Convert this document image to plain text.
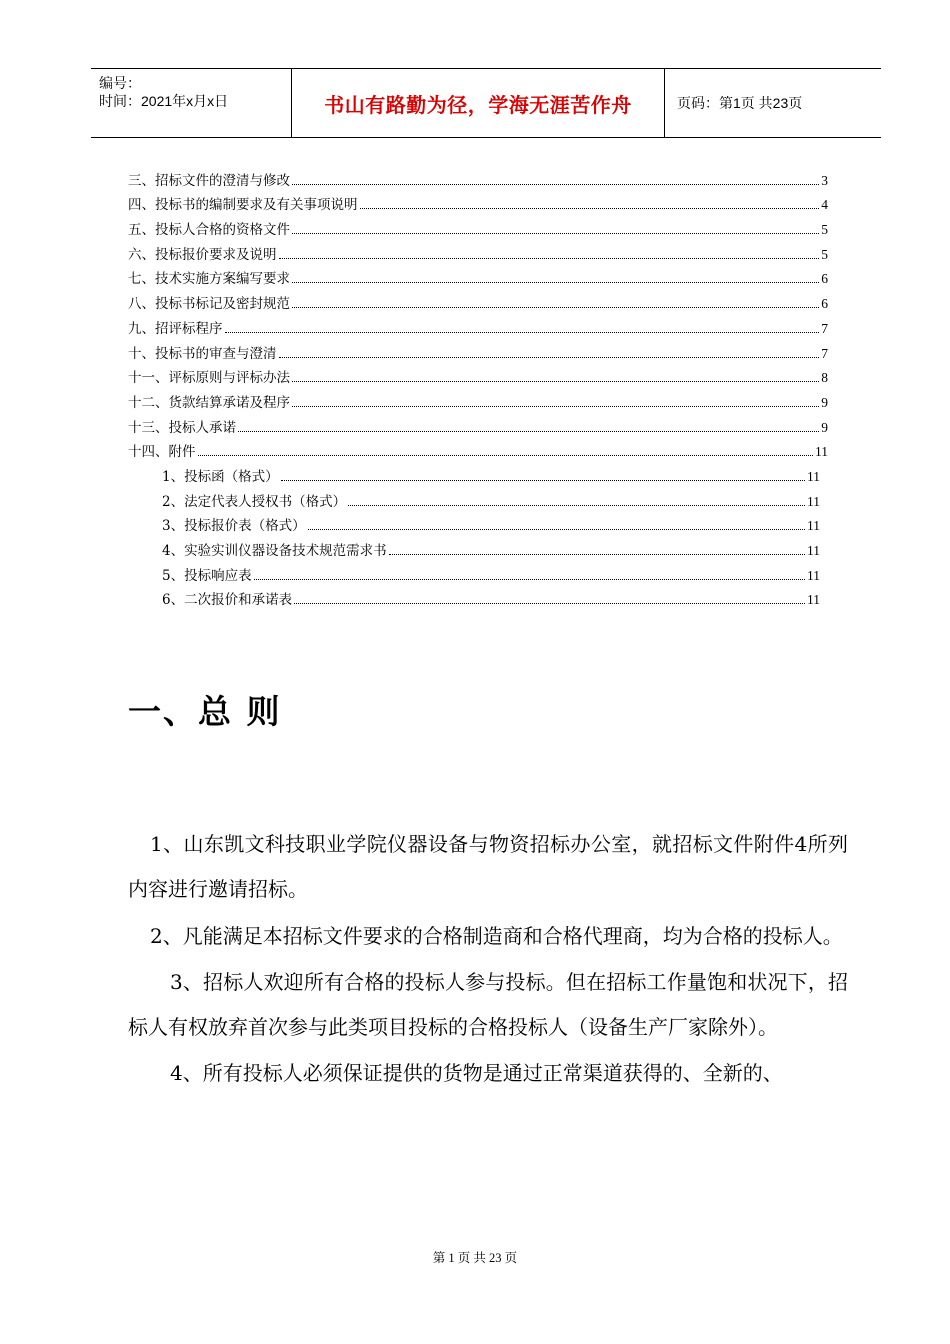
编号：
时间：2021年x月x日	书山有路勤为径，学海无涯苦作舟	页码：第1页 共23页
三、招标文件的澄清与修改	3
四、投标书的编制要求及有关事项说明	4
五、投标人合格的资格文件	5
六、投标报价要求及说明	5
七、技术实施方案编写要求	6
八、投标书标记及密封规范	6
九、招评标程序	7
十、投标书的审查与澄清	7
十一、评标原则与评标办法	8
十二、货款结算承诺及程序	9
十三、投标人承诺	9
十四、附件	11
1、投标函（格式）	11
2、法定代表人授权书（格式）	11
3、投标报价表（格式）	11
4、实验实训仪器设备技术规范需求书	11
5、投标响应表	11
6、二次报价和承诺表	11
一、总 则

1、山东凯文科技职业学院仪器设备与物资招标办公室，就招标文件附件4所列内容进行邀请招标。

2、凡能满足本招标文件要求的合格制造商和合格代理商，均为合格的投标人。

3、招标人欢迎所有合格的投标人参与投标。但在招标工作量饱和状况下，招标人有权放弃首次参与此类项目投标的合格投标人（设备生产厂家除外）。

4、所有投标人必须保证提供的货物是通过正常渠道获得的、全新的、

第 1 页 共 23 页
